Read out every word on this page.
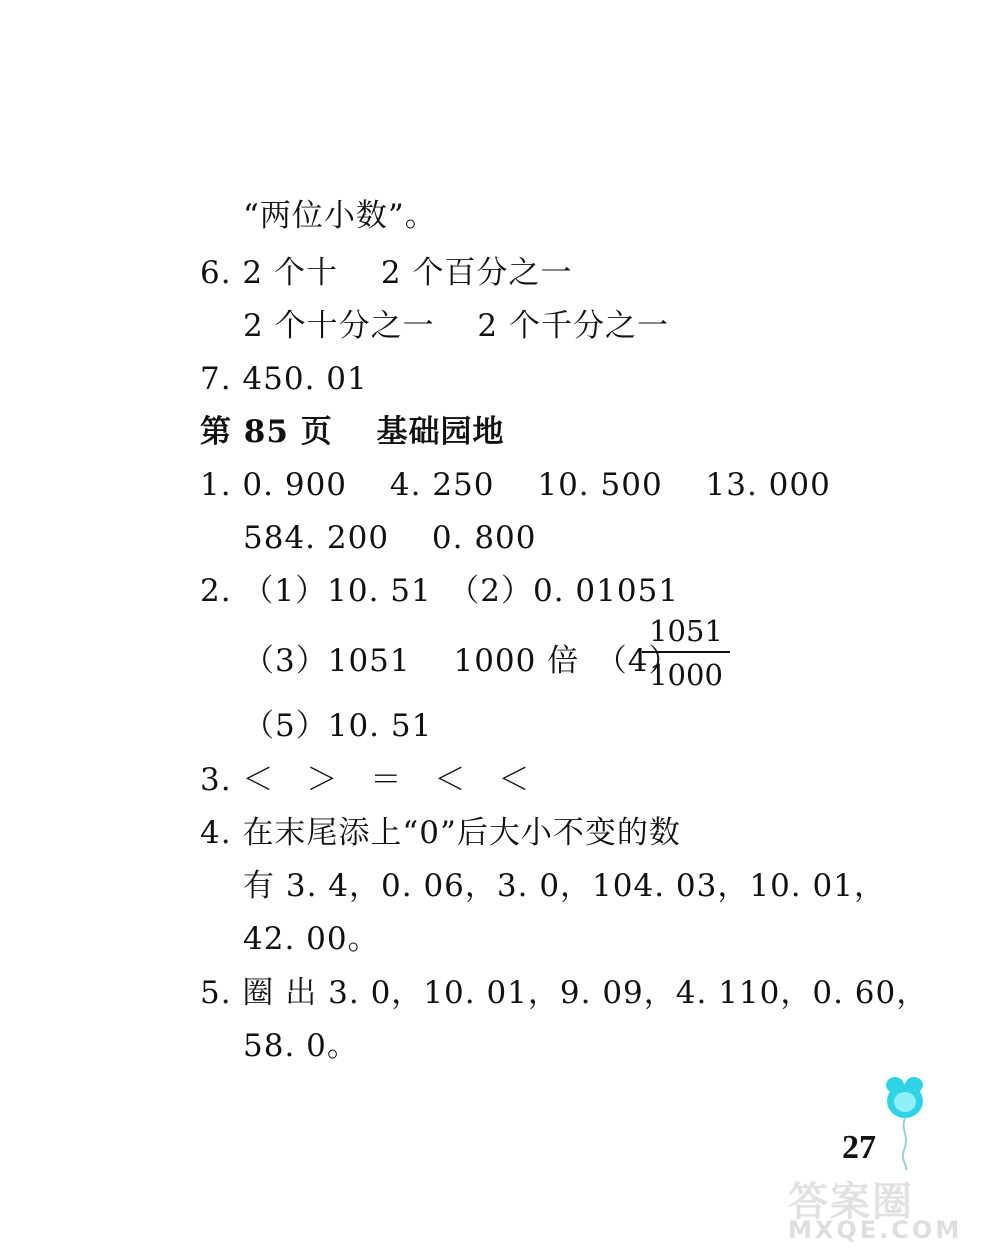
“两位小数”。
6. 2 个十　 2 个百分之一
2 个十分之一　 2 个千分之一
7. 450. 01
第 85 页　 基础园地
1. 0. 900　 4. 250　 10. 500　 13. 000
584. 200　 0. 800
2. （1）10. 51　（2）0. 01051
（3）1051　 1000 倍　（4）
1051
1000
（5）10. 51
3. ＜　＞　＝　＜　＜
4. 在末尾添上“0”后大小不变的数
有 3. 4，0. 06，3. 0，104. 03，10. 01，
42. 00。
5. 圈 出 3. 0，10. 01，9. 09，4. 110，0. 60，
58. 0。
27
答案圈
MXQE.COM
